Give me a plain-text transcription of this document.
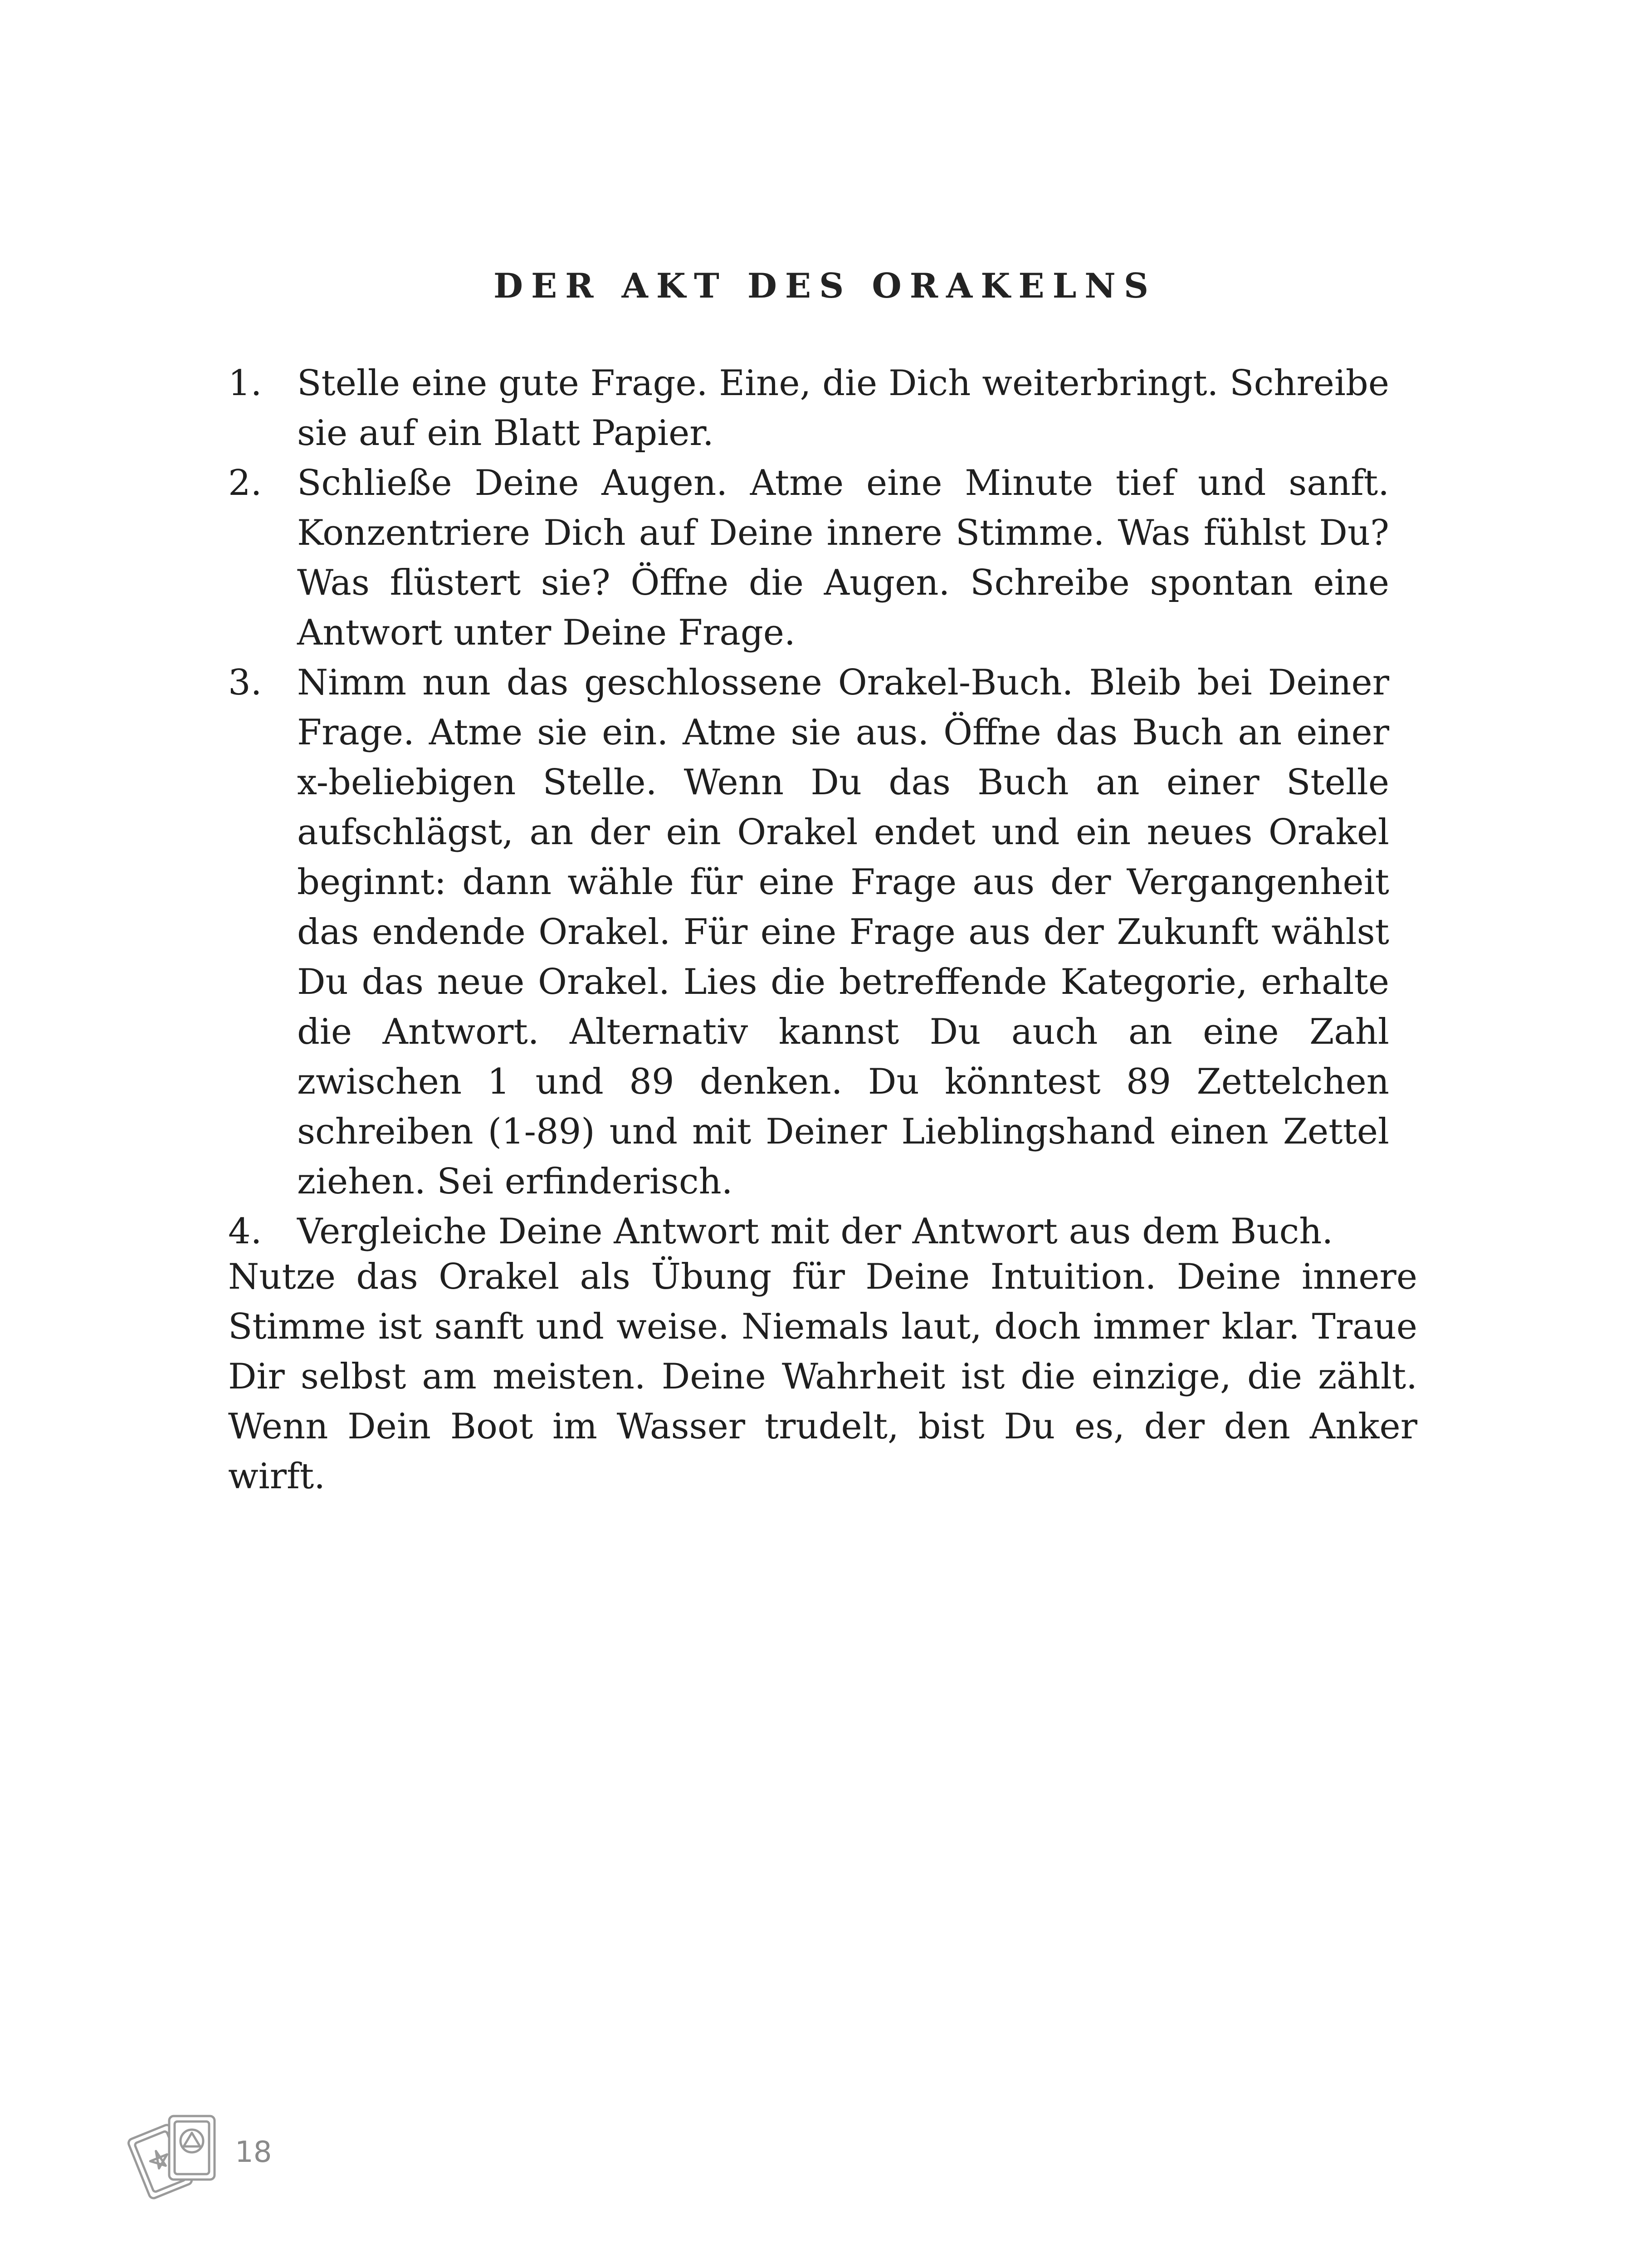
DER AKT DES ORAKELNS
1. Stelle eine gute Frage. Eine, die Dich weiterbringt. Schreibe sie auf ein Blatt Papier.
2. Schließe Deine Augen. Atme eine Minute tief und sanft. Konzentriere Dich auf Deine innere Stimme. Was fühlst Du? Was flüstert sie? Öffne die Augen. Schreibe spontan eine Antwort unter Deine Frage.
3. Nimm nun das geschlossene Orakel-Buch. Bleib bei Deiner Frage. Atme sie ein. Atme sie aus. Öffne das Buch an einer x-beliebigen Stelle. Wenn Du das Buch an einer Stelle aufschlägst, an der ein Orakel endet und ein neues Orakel beginnt: dann wähle für eine Frage aus der Vergangenheit das endende Orakel. Für eine Frage aus der Zukunft wählst Du das neue Orakel. Lies die betreffende Kategorie, erhalte die Antwort. Alternativ kannst Du auch an eine Zahl zwischen 1 und 89 denken. Du könntest 89 Zettelchen schreiben (1-89) und mit Deiner Lieblingshand einen Zettel ziehen. Sei erfinderisch.
4. Vergleiche Deine Antwort mit der Antwort aus dem Buch.

Nutze das Orakel als Übung für Deine Intuition. Deine innere Stimme ist sanft und weise. Niemals laut, doch immer klar. Traue Dir selbst am meisten. Deine Wahrheit ist die einzige, die zählt. Wenn Dein Boot im Wasser trudelt, bist Du es, der den Anker wirft.

18
